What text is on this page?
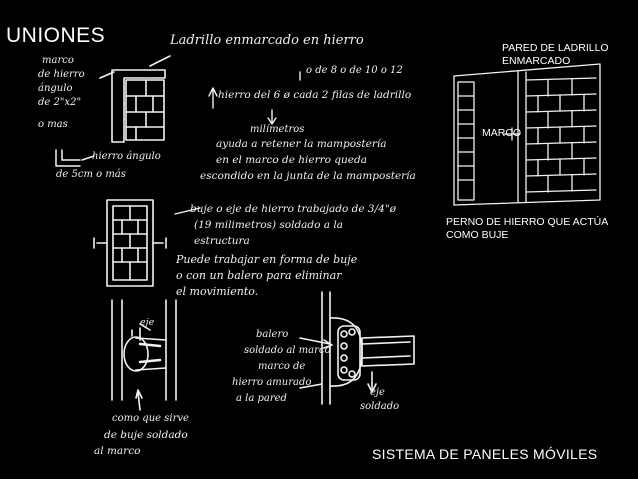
UNIONES
PARED DE LADRILLO
ENMARCADO
MARCO
PERNO DE HIERRO QUE ACTÚA
COMO BUJE
Ladrillo enmarcado en hierro
marco
de hierro
ángulo
de 2"x2"
o mas
o de 8 o de 10 o 12
hierro del 6 ø cada 2 filas de ladrillo
milímetros
ayuda a retener la mampostería
en el marco de hierro queda
escondido en la junta de la mampostería
hierro ángulo
de 5cm o más
buje o eje de hierro trabajado de 3/4"ø
(19 milimetros) soldado a la
estructura
Puede trabajar en forma de buje
o con un balero para eliminar
el movimiento.
eje
balero
soldado al marco
marco de
hierro amurado
a la pared
eje
soldado
como que sirve
de buje soldado
al marco	SISTEMA DE PANELES MÓVILES
